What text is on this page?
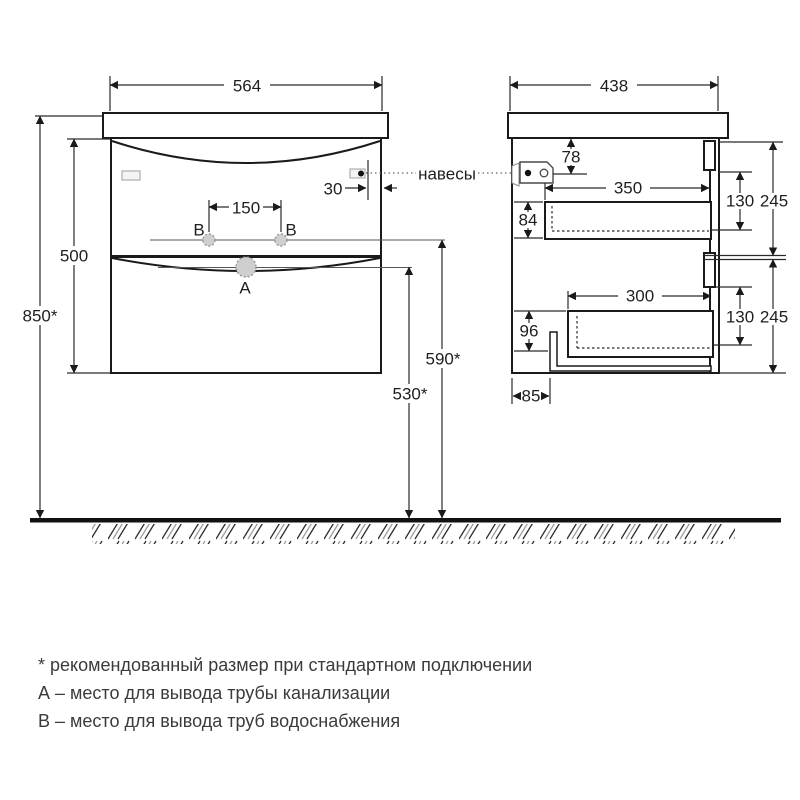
В	В
А
564
850*
500
150
30
590*
530*
навесы
438
78
350
84
300
96
85
130 245
130 245
* рекомендованный размер при стандартном подключении
А – место для вывода трубы канализации
В – место для вывода труб водоснабжения
